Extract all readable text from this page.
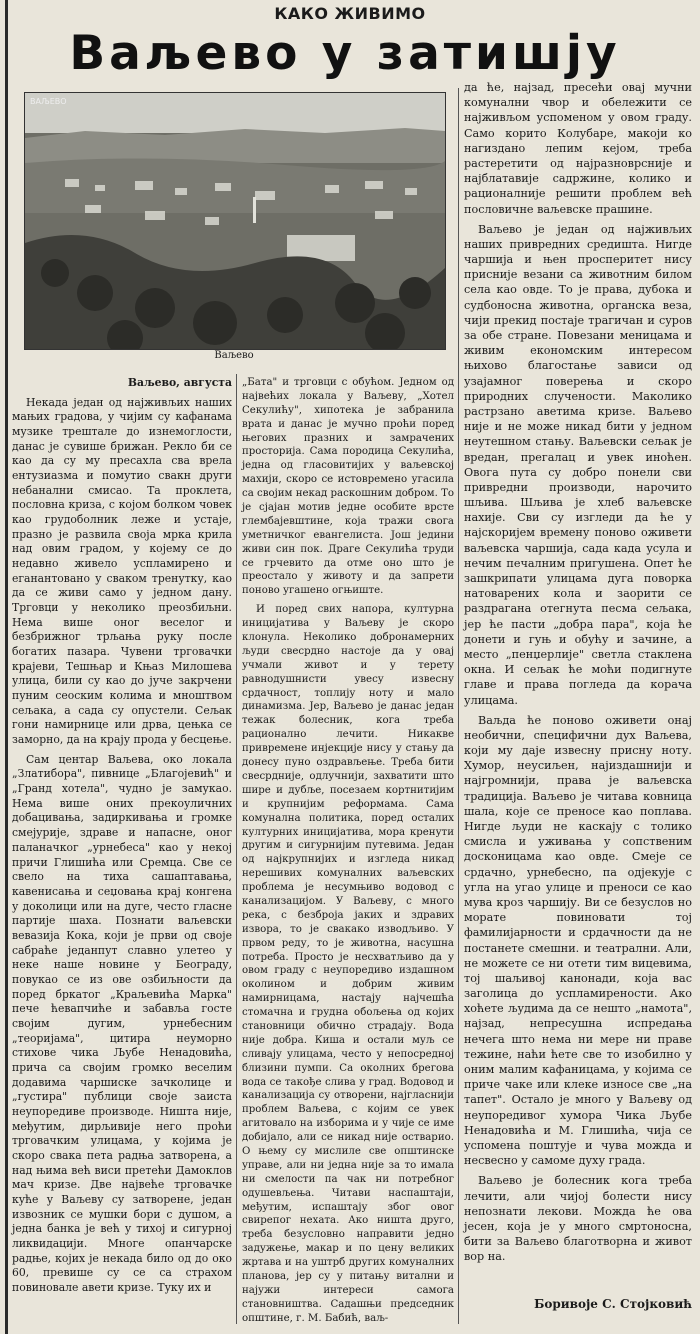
КАКО ЖИВИМО
Ваљево у затишју
ВАЉЕВО
Ваљево

Ваљево, августа

Некада један од најживљих наших мањих градова, у чијим су кафанама музике трештале до изнемоглости, данас је сувише брижан. Рекло би се као да су му пресахла сва врела ентузиазма и помутио свакн други небанални смисао. Та проклета, пословна криза, с којом болком човек као грудоболник леже и устаје, празно је развила своја мрка крила над овим градом, у којему се до недавно живело успламирено и еганантовано у сваком тренутку, као да се живи само у једном дану. Трговци у неколико преозбиљни. Нема више оног веселог и безбрижног трљања руку после богатих пазара. Чувени трговачки крајеви, Тешњар и Књаз Милошева улица, били су као до јуче закрчени пуним сеоским колима и мноштвом сељака, а сада су опустели. Сељак гони намирнице или дрва, цењка се заморно, да на крају прода у бесцење.

Сам центар Ваљева, око локала „Златибора", пивнице „Благојевић" и „Гранд хотела", чудно је замукао. Нема више оних прекоуличних добацивања, задиркивања и громке смејурије, здраве и напасне, оног паланачког „урнебеса" као у некој причи Глишића или Сремца. Све се свело на тиха сашаптавања, кавенисања и сеџовања крај конгена у доколици или на дуге, често гласне партије шаха. Познати ваљевски вевазија Кока, који је први од своје сабраће једанпут славно улетео у неке наше новине у Београду, повукао се из ове озбиљности да поред бркатог „Краљевића Марка" пече ћевапчиће и забавља госте својим дугим, урнебесним „теоријама", цитира неуморно стихове чика Љубе Ненадовића, прича са својим громко веселим додавима чаршиске зачколице и „густира" публици своје заиста неупоредиве производе. Ништа није, међутим, дирљивије него проћи трговачким улицама, у којима је скоро свака пета радња затворена, а над њима већ виси претећи Дамоклов мач кризе. Две највеће трговачке куће у Ваљеву су затворене, један извозник се мушки бори с душом, а једна банка је већ у тихој и сигурној ликвидацији. Многе опанчарске радње, којих је некада било од до око 60, превише су се са страхом повиновале авети кризе. Туку их и

„Бата" и трговци с обућом. Једном од највећих локала у Ваљеву, „Хотел Секулићу", хипотека је забранила врата и данас је мучно проћи поред његових празних и замрачених просторија. Сама породица Секулића, једна од гласовитијих у ваљевској махији, скоро се истовремено угасила са својим некад раскошним добром. То је сјајан мотив једне особите врсте глембајевштине, која тражи свога уметничког евангелиста. Још једини живи син пок. Драге Секулића труди се грчевито да отме оно што је преостало у животу и да запрети поново угашено огњиште.

И поред свих напора, културна иницијатива у Ваљеву је скоро клонула. Неколико добронамерних људи свесрдно настоје да у овај учмали живот и у терету равнодушнисти увесу извесну срдачност, топлију ноту и мало динамизма. Јер, Ваљево је данас један тежак болесник, кога треба рационално лечити. Никакве привремене инјекције нису у стању да донесу пуно оздрављење. Треба бити свесрдније, одлучнији, захватити што шире и дубље, посезаем кортнитијим и крупнијим реформама. Сама комунална политика, поред осталих културних иницијатива, мора кренути другим и сигурнијим путевима. Један од најкрупнијих и изгледа никад нерешивих комуналних ваљевских проблема је несумњиво водовод с канализацијом. У Ваљеву, с много река, с безброја јаких и здравих извора, то је свакако изводљиво. У првом реду, то је животна, насушна потреба. Просто је несхватљиво да у овом граду с неупоредиво издашном околином и добрим живим намирницама, настају најчешћа стомачна и грудна обољења од којих становници обично страдају. Вода није добра. Киша и остали муљ се сливају улицама, често у непосредној близини пумпи. Са околних брегова вода се такође слива у град. Водовод и канализација су отворени, најгласнији проблем Ваљева, с којим се увек агитовало на изборима и у чије се име добијало, али се никад није остварио. О њему су мислиле све општинске управе, али ни једна није за то имала ни смелости па чак ни потребног одушевљења. Читави наспаштаји, међутим, испаштају због овог свирепог нехата. Ако ништа друго, треба безусловно направити једно задужење, макар и по цену великих жртава и на уштрб других комуналних планова, јер су у питању витални и најужи интереси самога становништва. Садашњи председник општине, г. М. Бабић, ваљ-

да ће, најзад, пресећи овај мучни комунални чвор и обележити се најживљом успоменом у овом граду. Само корито Колубаре, макоји ко нагиздано лепим кејом, треба растеретити од најразноврсније и најблатавије садржине, колико и рационалније решити проблем већ пословичне ваљевске прашине.

Ваљево је један од најживљих наших привредних средишта. Нигде чаршија и њен просперитет нису присније везани са животним билом села као овде. То је права, дубока и судбоносна животна, органска веза, чији прекид постаје трагичан и суров за обе стране. Повезани меницама и живим економским интересом њихово благостање зависи од узајамног поверења и скоро природних случености. Маколико растрзано аветима кризе. Ваљево није и не може никад бити у једном неутешном стању. Ваљевски сељак је вредан, прегалац и увек иноћен. Овога пута су добро понели сви привредни производи, нарочито шљива. Шљива је хлеб ваљевске нахије. Сви су изгледи да ће у најскоријем времену поново оживети ваљевска чаршија, сада када усула и нечим печалним пригушена. Опет ће зашкрипати улицама дуга поворка натоварених кола и заорити се раздрагана отегнута песма сељака, јер ће пасти „добра пара", која ће донети и гуњ и обућу и зачине, а место „пенџерлије" светла стаклена окна. И сељак ће моћи подигнуте главе и права погледа да корача улицама.

Ваљда ће поново оживети онај необични, специфични дух Ваљева, који му даје извесну присну ноту. Хумор, неусиљен, најиздашнији и најгромнији, права је ваљевска традиција. Ваљево је читава ковница шала, које се преносе као поплава. Нигде људи не каскају с толико смисла и уживања у сопственим досконицама као овде. Смеје се срдачно, урнебесно, па одјекује с угла на угао улице и преноси се као мува кроз чаршију. Ви се безуслов но морате повиновати тој фамилијарности и срдачности да не постанете смешни. и театрални. Али, не можете се ни отети тим вицевима, тој шаљивој канонади, која вас заголица до успламирености. Ако хоћете људима да се нешто „намота", најзад, непресушна испредања нечега што нема ни мере ни праве тежине, наћи ћете све то изобилно у оним малим кафаницама, у којима се приче чаке или клеке износе све „на тапет". Остало је много у Ваљеву од неупоредивог хумора Чика Љубе Ненадовића и М. Глишића, чија се успомена поштује и чува можда и несвесно у самоме духу града.

Ваљево је болесник кога треба лечити, али чијој болести нису непознати лекови. Можда ће ова јесен, која је у много смртоносна, бити за Ваљево благотворна и живот вор на.

Боривоје С. Стојковић
